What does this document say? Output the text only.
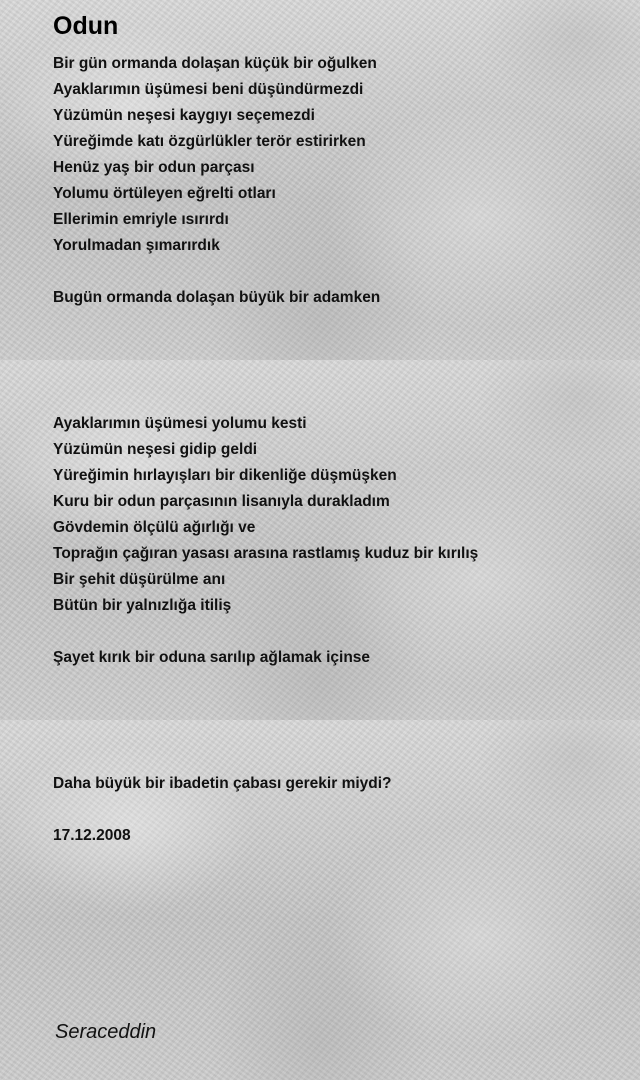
Odun
Bir gün ormanda dolaşan küçük bir oğulken
Ayaklarımın üşümesi beni düşündürmezdi
Yüzümün neşesi kaygıyı seçemezdi
Yüreğimde katı özgürlükler terör estirirken
Henüz yaş bir odun parçası
Yolumu örtüleyen eğrelti otları
Ellerimin emriyle ısırırdı
Yorulmadan şımarırdık
Bugün ormanda dolaşan büyük bir adamken
Ayaklarımın üşümesi yolumu kesti
Yüzümün neşesi gidip geldi
Yüreğimin hırlayışları bir dikenliğe düşmüşken
Kuru bir odun parçasının lisanıyla durakladım
Gövdemin ölçülü ağırlığı ve
Toprağın çağıran yasası arasına rastlamış kuduz bir kırılış
Bir şehit düşürülme anı
Bütün bir yalnızlığa itiliş
Şayet kırık bir oduna sarılıp ağlamak içinse
Daha büyük bir ibadetin çabası gerekir miydi?
17.12.2008

Seraceddin
